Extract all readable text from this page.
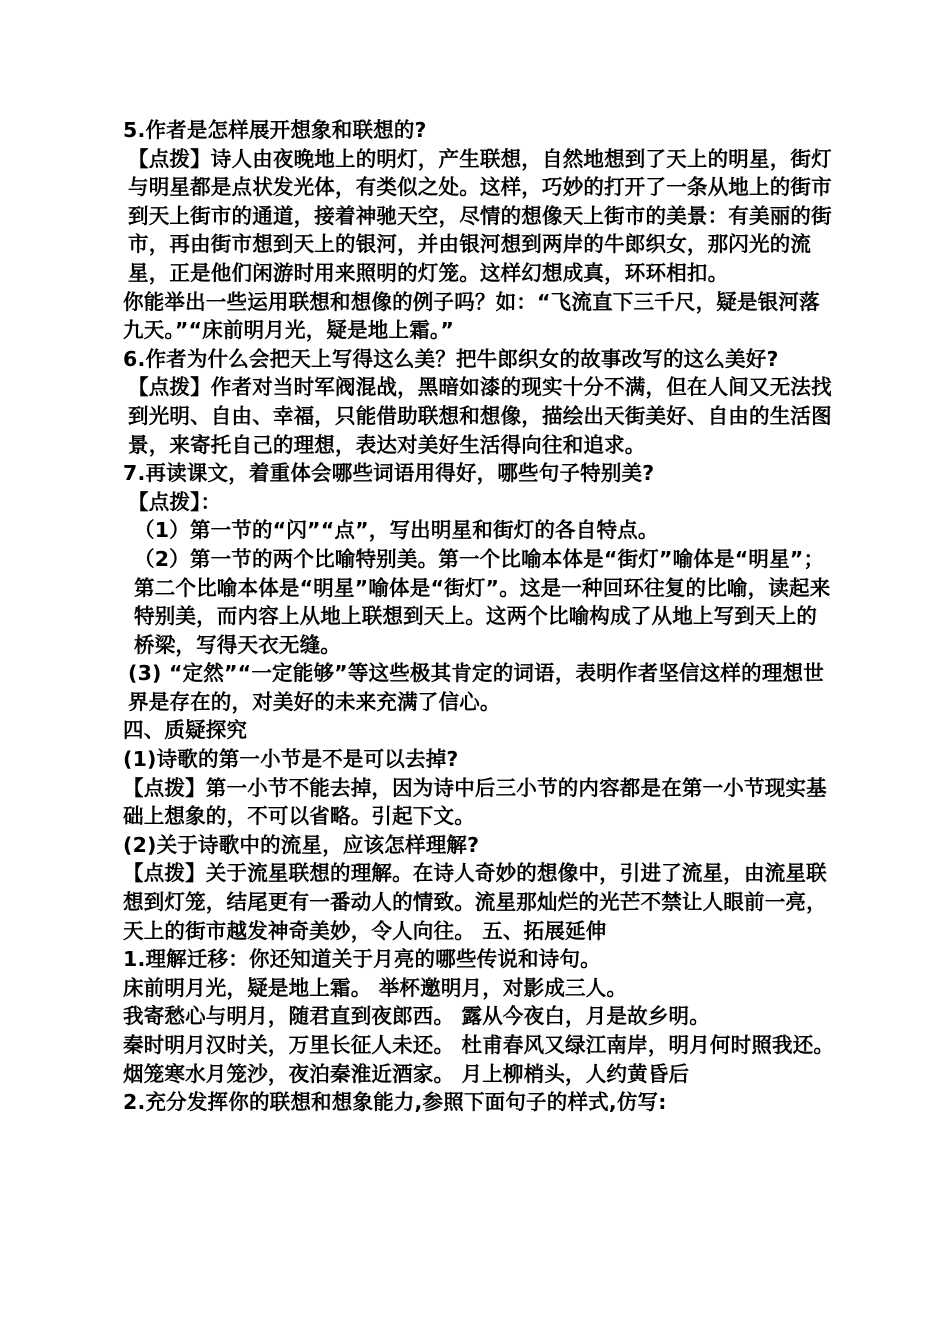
5.作者是怎样展开想象和联想的?

【点拨】诗人由夜晚地上的明灯，产生联想，自然地想到了天上的明星，街灯与明星都是点状发光体，有类似之处。这样，巧妙的打开了一条从地上的街市到天上街市的通道，接着神驰天空，尽情的想像天上街市的美景：有美丽的街市，再由街市想到天上的银河，并由银河想到两岸的牛郎织女，那闪光的流星，正是他们闲游时用来照明的灯笼。这样幻想成真，环环相扣。

你能举出一些运用联想和想像的例子吗？如：“飞流直下三千尺，疑是银河落九天。”“床前明月光，疑是地上霜。”

6.作者为什么会把天上写得这么美？把牛郎织女的故事改写的这么美好?

【点拨】作者对当时军阀混战，黑暗如漆的现实十分不满，但在人间又无法找到光明、自由、幸福，只能借助联想和想像，描绘出天街美好、自由的生活图景，来寄托自己的理想，表达对美好生活得向往和追求。

7.再读课文，着重体会哪些词语用得好，哪些句子特别美?

【点拨】：

（1）第一节的“闪”“点”，写出明星和街灯的各自特点。

（2）第一节的两个比喻特别美。第一个比喻本体是“街灯”喻体是“明星”；第二个比喻本体是“明星”喻体是“街灯”。这是一种回环往复的比喻，读起来特别美，而内容上从地上联想到天上。这两个比喻构成了从地上写到天上的桥梁，写得天衣无缝。

(3) “定然”“一定能够”等这些极其肯定的词语，表明作者坚信这样的理想世界是存在的，对美好的未来充满了信心。

四、质疑探究

(1)诗歌的第一小节是不是可以去掉?

【点拨】第一小节不能去掉，因为诗中后三小节的内容都是在第一小节现实基础上想象的，不可以省略。引起下文。

(2)关于诗歌中的流星，应该怎样理解?

【点拨】关于流星联想的理解。在诗人奇妙的想像中，引进了流星，由流星联想到灯笼，结尾更有一番动人的情致。流星那灿烂的光芒不禁让人眼前一亮，天上的街市越发神奇美妙，令人向往。 五、拓展延伸

1.理解迁移：你还知道关于月亮的哪些传说和诗句。

床前明月光，疑是地上霜。 举杯邀明月，对影成三人。

我寄愁心与明月，随君直到夜郎西。 露从今夜白，月是故乡明。

秦时明月汉时关，万里长征人未还。 杜甫春风又绿江南岸，明月何时照我还。 烟笼寒水月笼沙，夜泊秦淮近酒家。 月上柳梢头，人约黄昏后

2.充分发挥你的联想和想象能力,参照下面句子的样式,仿写:
